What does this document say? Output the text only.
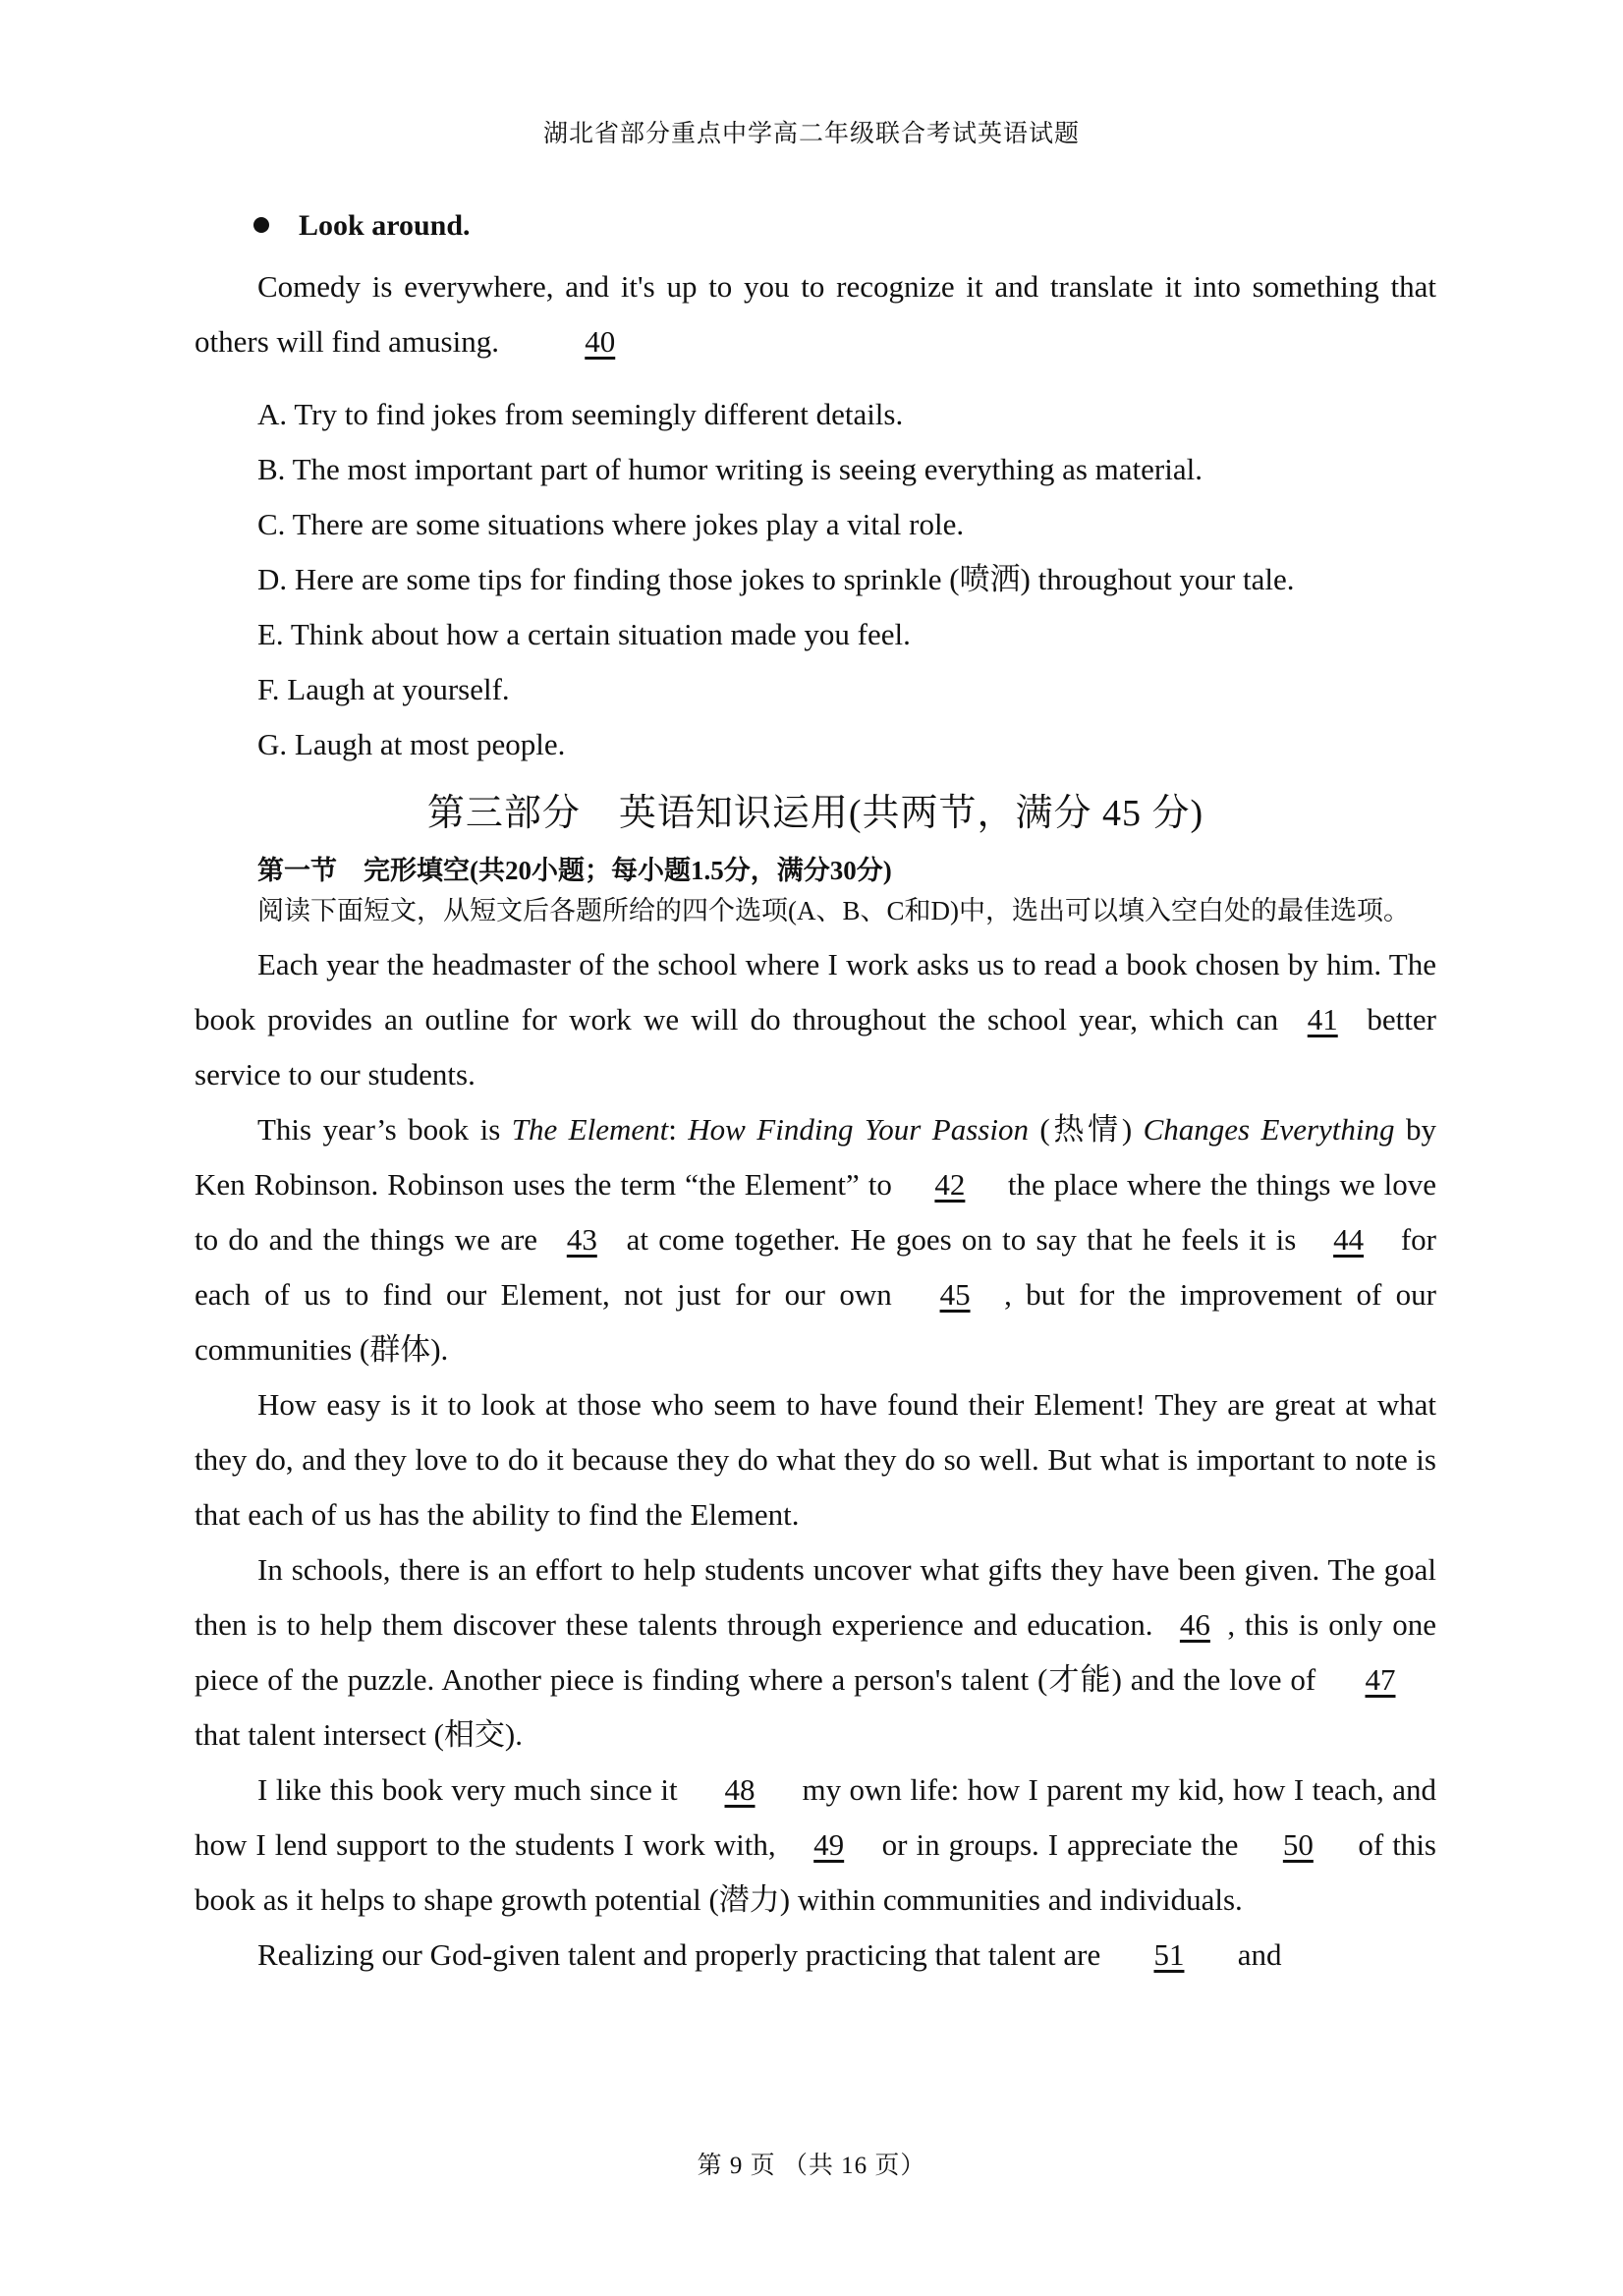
湖北省部分重点中学高二年级联合考试英语试题
Look around.

Comedy is everywhere, and it's up to you to recognize it and translate it into something that others will find amusing.	40

A. Try to find jokes from seemingly different details.

B. The most important part of humor writing is seeing everything as material.

C. There are some situations where jokes play a vital role.

D. Here are some tips for finding those jokes to sprinkle (喷洒) throughout your tale.

E. Think about how a certain situation made you feel.

F. Laugh at yourself.

G. Laugh at most people.

第三部分　英语知识运用(共两节，满分 45 分)

第一节　完形填空(共20小题；每小题1.5分，满分30分)

阅读下面短文，从短文后各题所给的四个选项(A、B、C和D)中，选出可以填入空白处的最佳选项。

Each year the headmaster of the school where I work asks us to read a book chosen by him. The book provides an outline for work we will do throughout the school year, which can 41 better service to our students.

This year’s book is The Element: How Finding Your Passion (热情) Changes Everything by Ken Robinson. Robinson uses the term “the Element” to 42 the place where the things we love to do and the things we are 43 at come together. He goes on to say that he feels it is 44 for each of us to find our Element, not just for our own 45 , but for the improvement of our communities (群体).

How easy is it to look at those who seem to have found their Element! They are great at what they do, and they love to do it because they do what they do so well. But what is important to note is that each of us has the ability to find the Element.

In schools, there is an effort to help students uncover what gifts they have been given. The goal then is to help them discover these talents through experience and education. 46 , this is only one piece of the puzzle. Another piece is finding where a person's talent (才能) and the love of 47 that talent intersect (相交).

I like this book very much since it 48 my own life: how I parent my kid, how I teach, and how I lend support to the students I work with, 49 or in groups. I appreciate the 50 of this book as it helps to shape growth potential (潜力) within communities and individuals.

Realizing our God-given talent and properly practicing that talent are 51 and

第 9 页 （共 16 页）
